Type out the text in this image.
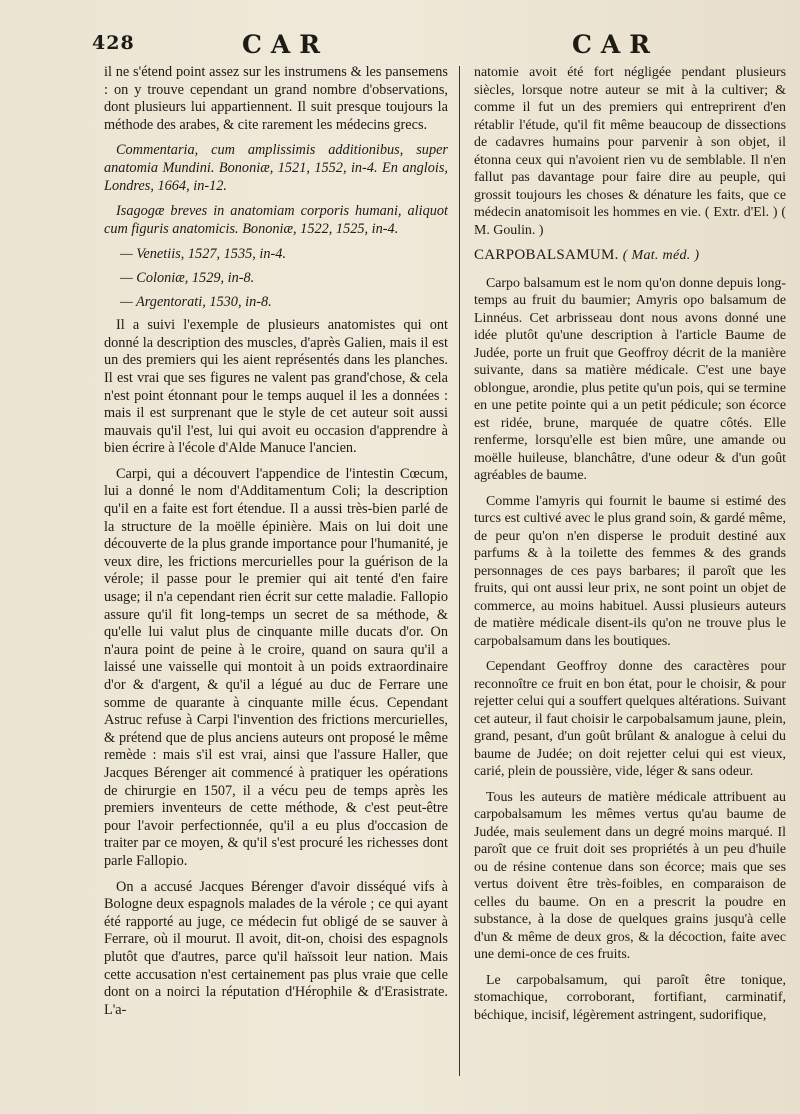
428	CAR	CAR

il ne s'étend point assez sur les instrumens & les pansemens : on y trouve cependant un grand nombre d'observations, dont plusieurs lui appartiennent. Il suit presque toujours la méthode des arabes, & cite rarement les médecins grecs.

Commentaria, cum amplissimis additionibus, super anatomia Mundini. Bononiæ, 1521, 1552, in-4. En anglois, Londres, 1664, in-12.

Isagogæ breves in anatomiam corporis humani, aliquot cum figuris anatomicis. Bononiæ, 1522, 1525, in-4.

— Venetiis, 1527, 1535, in-4.

— Coloniæ, 1529, in-8.

— Argentorati, 1530, in-8.

Il a suivi l'exemple de plusieurs anatomistes qui ont donné la description des muscles, d'après Galien, mais il est un des premiers qui les aient représentés dans les planches. Il est vrai que ses figures ne valent pas grand'chose, & cela n'est point étonnant pour le temps auquel il les a données : mais il est surprenant que le style de cet auteur soit aussi mauvais qu'il l'est, lui qui avoit eu occasion d'apprendre à bien écrire à l'école d'Alde Manuce l'ancien.

Carpi, qui a découvert l'appendice de l'intestin Cœcum, lui a donné le nom d'Additamentum Coli; la description qu'il en a faite est fort étendue. Il a aussi très-bien parlé de la structure de la moëlle épinière. Mais on lui doit une découverte de la plus grande importance pour l'humanité, je veux dire, les frictions mercurielles pour la guérison de la vérole; il passe pour le premier qui ait tenté d'en faire usage; il n'a cependant rien écrit sur cette maladie. Fallopio assure qu'il fit long-temps un secret de sa méthode, & qu'elle lui valut plus de cinquante mille ducats d'or. On n'aura point de peine à le croire, quand on saura qu'il a laissé une vaisselle qui montoit à un poids extraordinaire d'or & d'argent, & qu'il a légué au duc de Ferrare une somme de quarante à cinquante mille écus. Cependant Astruc refuse à Carpi l'invention des frictions mercurielles, & prétend que de plus anciens auteurs ont proposé le même remède : mais s'il est vrai, ainsi que l'assure Haller, que Jacques Bérenger ait commencé à pratiquer les opérations de chirurgie en 1507, il a vécu peu de temps après les premiers inventeurs de cette méthode, & c'est peut-être pour l'avoir perfectionnée, qu'il a eu plus d'occasion de traiter par ce moyen, & qu'il s'est procuré les richesses dont parle Fallopio.

On a accusé Jacques Bérenger d'avoir disséqué vifs à Bologne deux espagnols malades de la vérole ; ce qui ayant été rapporté au juge, ce médecin fut obligé de se sauver à Ferrare, où il mourut. Il avoit, dit-on, choisi des espagnols plutôt que d'autres, parce qu'il haïssoit leur nation. Mais cette accusation n'est certainement pas plus vraie que celle dont on a noirci la réputation d'Hérophile & d'Erasistrate. L'a-

natomie avoit été fort négligée pendant plusieurs siècles, lorsque notre auteur se mit à la cultiver; & comme il fut un des premiers qui entreprirent d'en rétablir l'étude, qu'il fit même beaucoup de dissections de cadavres humains pour parvenir à son objet, il étonna ceux qui n'avoient rien vu de semblable. Il n'en fallut pas davantage pour faire dire au peuple, qui grossit toujours les choses & dénature les faits, que ce médecin anatomisoit les hommes en vie. ( Extr. d'El. ) ( M. Goulin. )

CARPOBALSAMUM. ( Mat. méd. )

Carpo balsamum est le nom qu'on donne depuis long-temps au fruit du baumier; Amyris opo balsamum de Linnéus. Cet arbrisseau dont nous avons donné une idée plutôt qu'une description à l'article Baume de Judée, porte un fruit que Geoffroy décrit de la manière suivante, dans sa matière médicale. C'est une baye oblongue, arondie, plus petite qu'un pois, qui se termine en une petite pointe qui a un petit pédicule; son écorce est ridée, brune, marquée de quatre côtés. Elle renferme, lorsqu'elle est bien mûre, une amande ou moëlle huileuse, blanchâtre, d'une odeur & d'un goût agréables de baume.

Comme l'amyris qui fournit le baume si estimé des turcs est cultivé avec le plus grand soin, & gardé même, de peur qu'on n'en disperse le produit destiné aux parfums & à la toilette des femmes & des grands personnages de ces pays barbares; il paroît que les fruits, qui ont aussi leur prix, ne sont point un objet de commerce, au moins habituel. Aussi plusieurs auteurs de matière médicale disent-ils qu'on ne trouve plus le carpobalsamum dans les boutiques.

Cependant Geoffroy donne des caractères pour reconnoître ce fruit en bon état, pour le choisir, & pour rejetter celui qui a souffert quelques altérations. Suivant cet auteur, il faut choisir le carpobalsamum jaune, plein, grand, pesant, d'un goût brûlant & analogue à celui du baume de Judée; on doit rejetter celui qui est vieux, carié, plein de poussière, vide, léger & sans odeur.

Tous les auteurs de matière médicale attribuent au carpobalsamum les mêmes vertus qu'au baume de Judée, mais seulement dans un degré moins marqué. Il paroît que ce fruit doit ses propriétés à un peu d'huile ou de résine contenue dans son écorce; mais que ses vertus doivent être très-foibles, en comparaison de celles du baume. On en a prescrit la poudre en substance, à la dose de quelques grains jusqu'à celle d'un & même de deux gros, & la décoction, faite avec une demi-once de ces fruits.

Le carpobalsamum, qui paroît être tonique, stomachique, corroborant, fortifiant, carminatif, béchique, incisif, légèrement astringent, sudorifique,
